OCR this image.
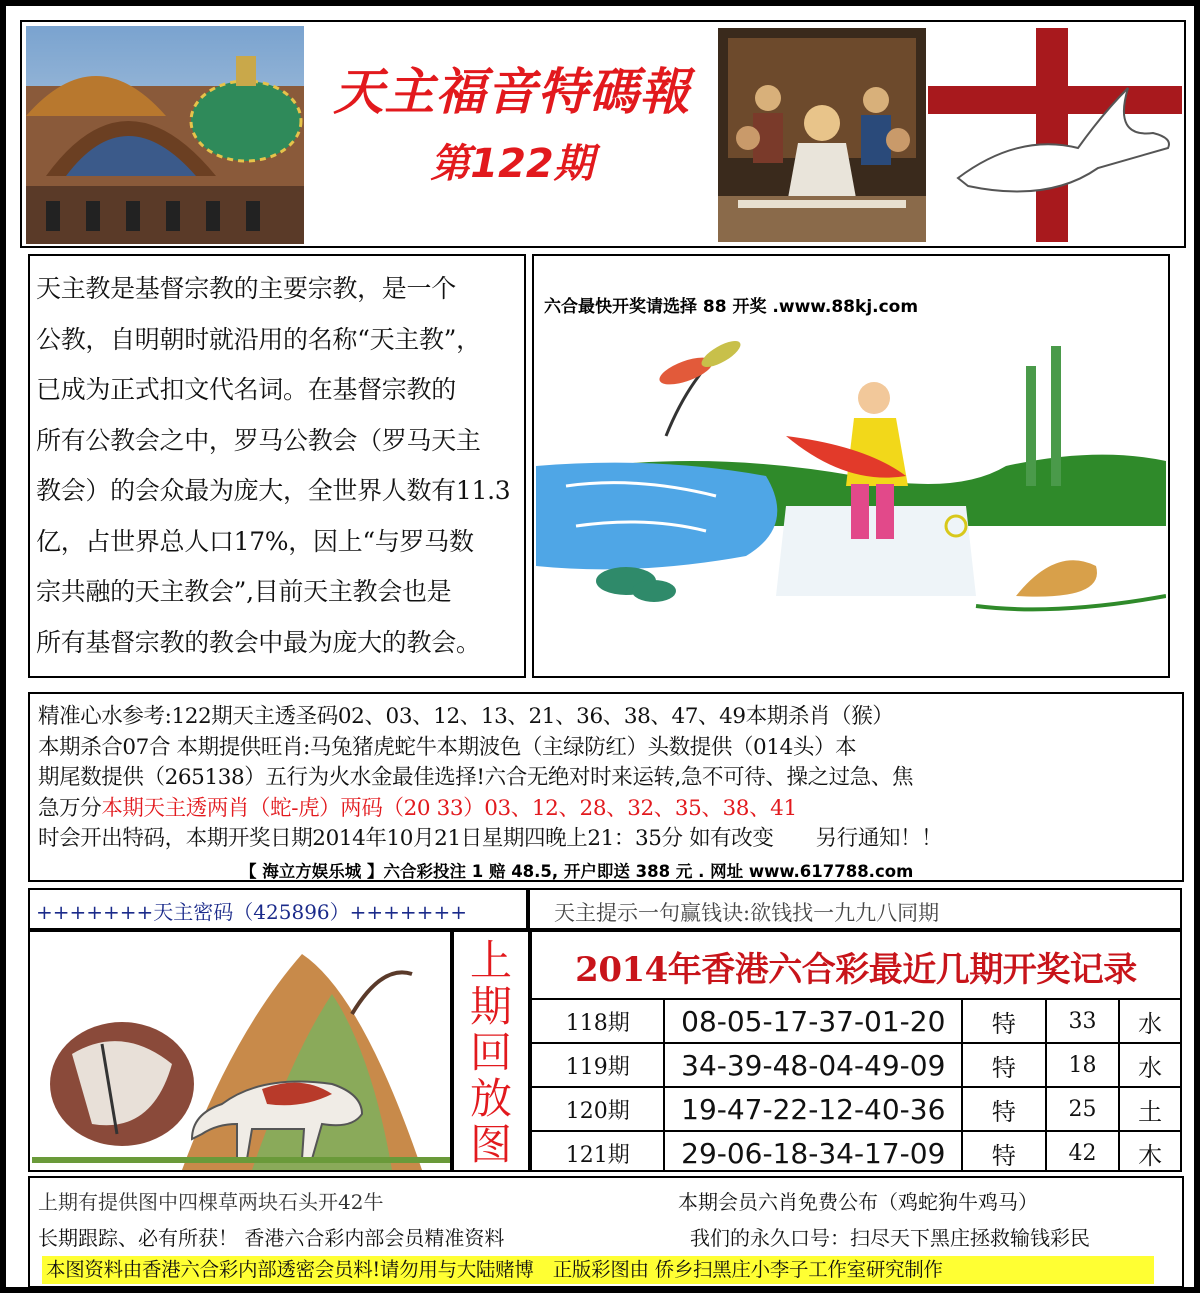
天主福音特碼報
第122期

天主教是基督宗教的主要宗教，是一个

公教，自明朝时就沿用的名称“天主教”，

已成为正式扣文代名词。在基督宗教的

所有公教会之中，罗马公教会（罗马天主

教会）的会众最为庞大，全世界人数有11.3

亿，占世界总人口17%，因上“与罗马数

宗共融的天主教会”,目前天主教会也是

所有基督宗教的教会中最为庞大的教会。

六合最快开奖请选择 88 开奖 .www.88kj.com

精准心水参考:122期天主透圣码02、03、12、13、21、36、38、47、49本期杀肖（猴）

本期杀合07合 本期提供旺肖:马兔猪虎蛇牛本期波色（主绿防红）头数提供（014头）本

期尾数提供（265138）五行为火水金最佳选择!六合无绝对时来运转,急不可待、操之过急、焦

急万分本期天主透两肖（蛇-虎）两码（20 33）03、12、28、32、35、38、41

时会开出特码，本期开奖日期2014年10月21日星期四晚上21：35分 如有改变　　另行通知！！

【 海立方娱乐城 】六合彩投注 1 赔 48.5, 开户即送 388 元 . 网址 www.617788.com
+++++++天主密码（425896）+++++++	天主提示一句赢钱诀:欲钱找一九九八同期
上
期
回
放
图
2014年香港六合彩最近几期开奖记录
118期	08-05-17-37-01-20	特	33	水
119期	34-39-48-04-49-09	特	18	水
120期	19-47-22-12-40-36	特	25	土
121期	29-06-18-34-17-09	特	42	木

上期有提供图中四棵草两块石头开42牛	本期会员六肖免费公布（鸡蛇狗牛鸡马）

长期跟踪、必有所获！ 香港六合彩内部会员精准资料	我们的永久口号：扫尽天下黑庄拯救输钱彩民

本图资料由香港六合彩内部透密会员料!请勿用与大陆赌博　正版彩图由 侨乡扫黑庄小李子工作室研究制作
